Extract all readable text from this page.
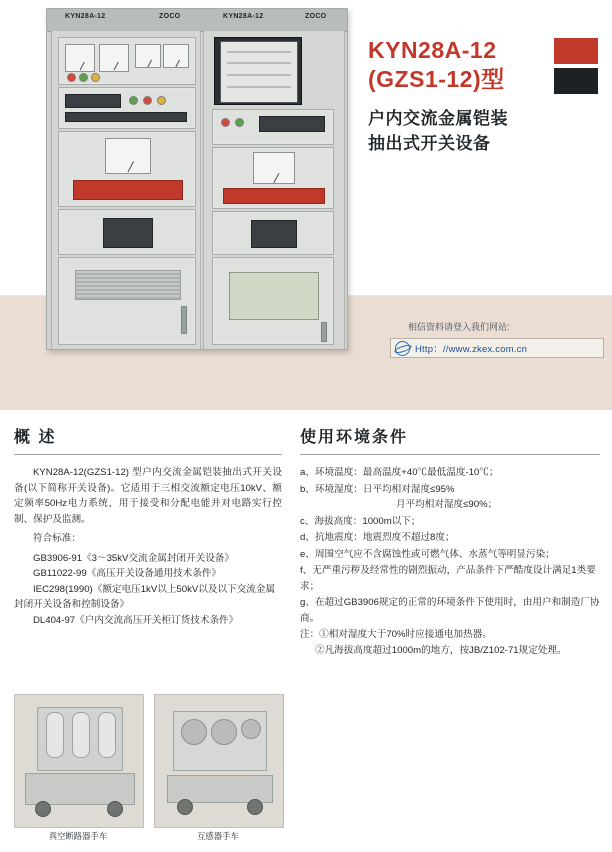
KYN28A-12	ZOCO	KYN28A-12	ZOCO
KYN28A-12
(GZS1-12)型
户内交流金属铠装
抽出式开关设备
相信资料请登入我们网站:
Http：//www.zkex.com.cn
概 述
KYN28A-12(GZS1-12) 型户内交流金属铠装抽出式开关设备(以下简称开关设备)。它适用于三相交流额定电压10kV、额定频率50Hz电力系统，用于接受和分配电能并对电路实行控制、保护及监测。
符合标准：
GB3906-91《3～35kV交流金属封闭开关设备》
GB11022-99《高压开关设备通用技术条件》
IEC298(1990)《额定电压1kV以上50kV以及以下交流金属封闭开关设备和控制设备》
DL404-97《户内交流高压开关柜订货技术条件》
使用环境条件
a、环境温度：最高温度+40℃最低温度-10℃；
b、环境湿度：日平均相对湿度≤95%
月平均相对湿度≤90%；
c、海拔高度：1000m以下；
d、抗地震度：地震烈度不超过8度；
e、周围空气应不含腐蚀性或可燃气体、水蒸气等明显污染；
f、无严重污秽及经常性的剧烈振动，产品条件下严酷度设计满足1类要求；
g、在超过GB3906规定的正常的环境条件下使用时，由用户和制造厂协商。
注：①相对湿度大于70%时应接通电加热器。
②凡海拔高度超过1000m的地方，按JB/Z102-71规定处理。
真空断路器手车	互感器手车
